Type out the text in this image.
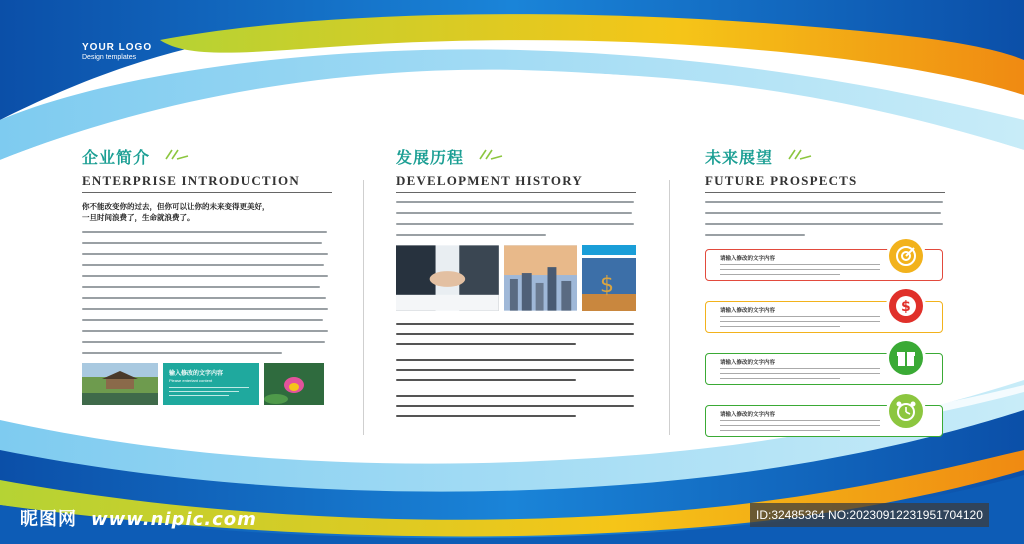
YOUR LOGO
Design templates
企业简介
ENTERPRISE INTRODUCTION
你不能改变你的过去，但你可以让你的未来变得更美好，
一旦时间浪费了，生命就浪费了。
输入修改的文字内容
Please enterlant content
发展历程
DEVELOPMENT HISTORY
$
未来展望
FUTURE PROSPECTS
请输入修改的文字内容
请输入修改的文字内容	$
请输入修改的文字内容
请输入修改的文字内容
昵图网 www.nipic.com	ID:32485364 NO:20230912231951704120
